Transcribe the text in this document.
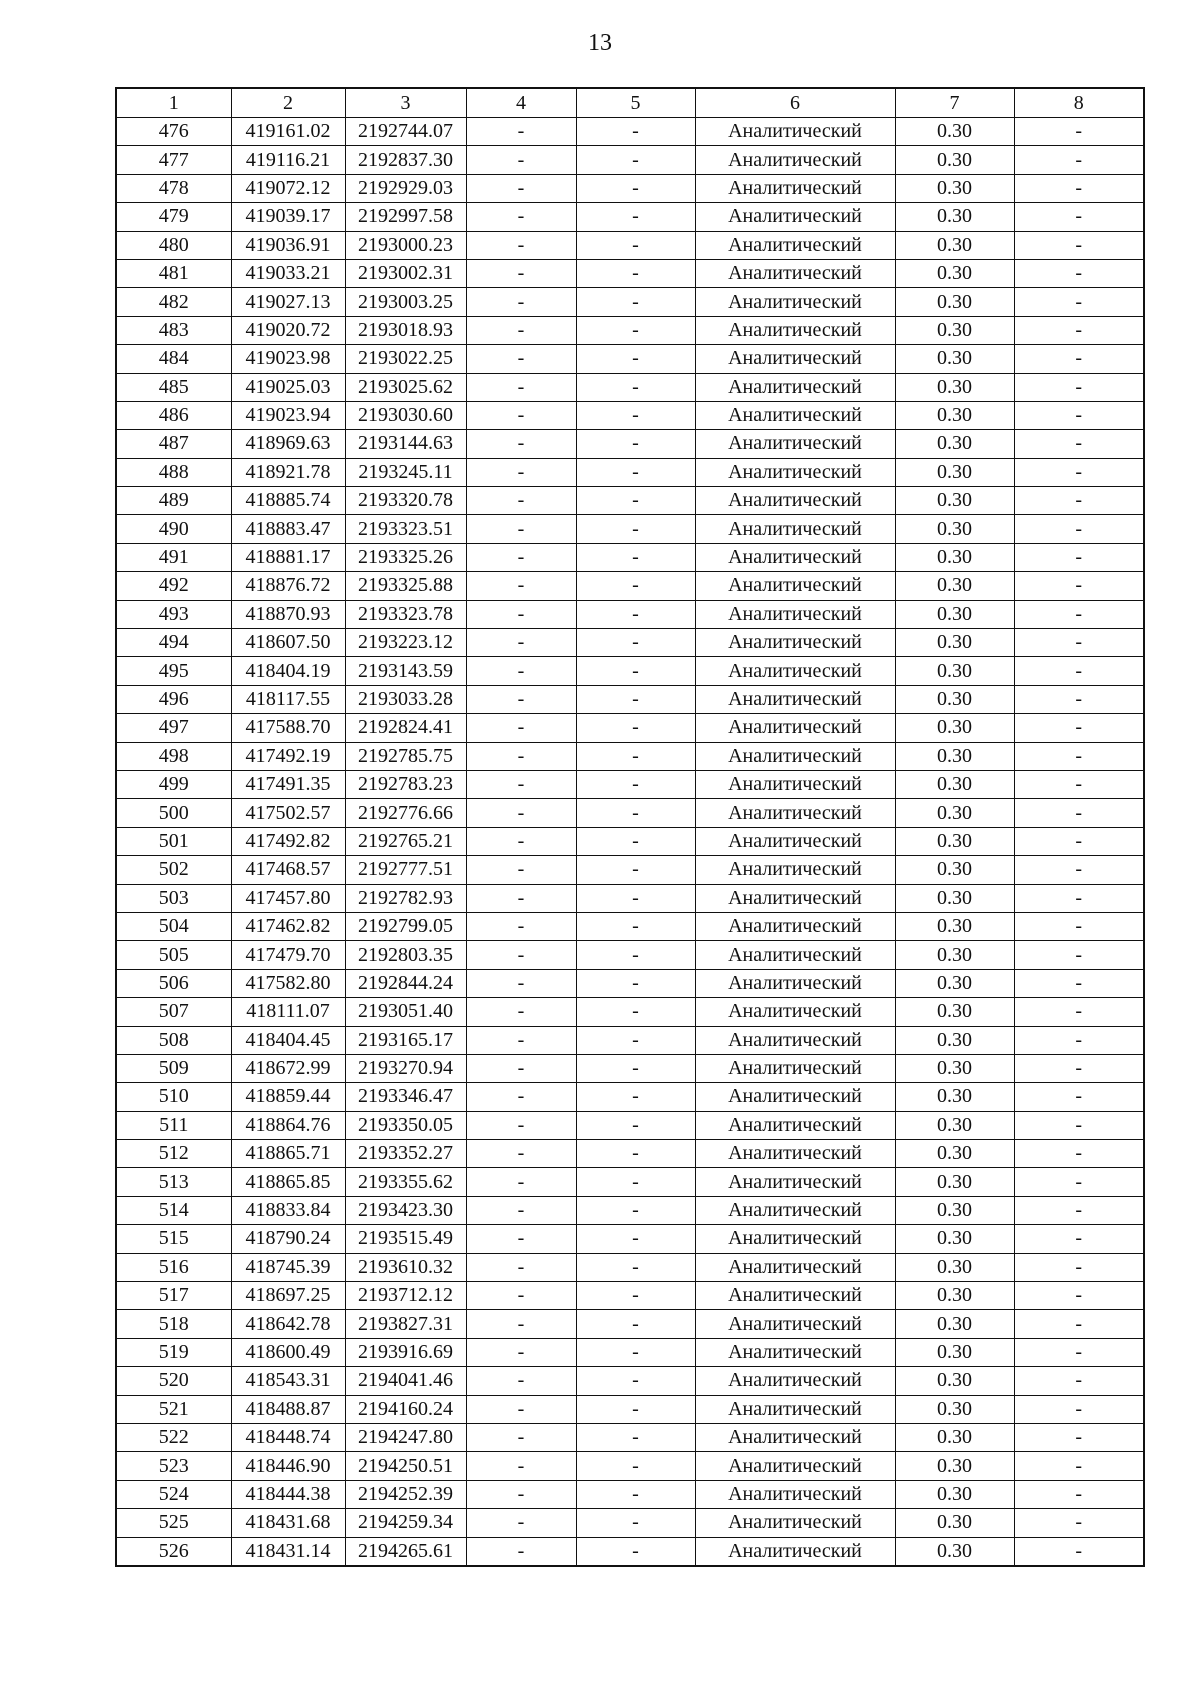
13
1	2	3	4	5	6	7	8
476	419161.02	2192744.07	-	-	Аналитический	0.30	-
477	419116.21	2192837.30	-	-	Аналитический	0.30	-
478	419072.12	2192929.03	-	-	Аналитический	0.30	-
479	419039.17	2192997.58	-	-	Аналитический	0.30	-
480	419036.91	2193000.23	-	-	Аналитический	0.30	-
481	419033.21	2193002.31	-	-	Аналитический	0.30	-
482	419027.13	2193003.25	-	-	Аналитический	0.30	-
483	419020.72	2193018.93	-	-	Аналитический	0.30	-
484	419023.98	2193022.25	-	-	Аналитический	0.30	-
485	419025.03	2193025.62	-	-	Аналитический	0.30	-
486	419023.94	2193030.60	-	-	Аналитический	0.30	-
487	418969.63	2193144.63	-	-	Аналитический	0.30	-
488	418921.78	2193245.11	-	-	Аналитический	0.30	-
489	418885.74	2193320.78	-	-	Аналитический	0.30	-
490	418883.47	2193323.51	-	-	Аналитический	0.30	-
491	418881.17	2193325.26	-	-	Аналитический	0.30	-
492	418876.72	2193325.88	-	-	Аналитический	0.30	-
493	418870.93	2193323.78	-	-	Аналитический	0.30	-
494	418607.50	2193223.12	-	-	Аналитический	0.30	-
495	418404.19	2193143.59	-	-	Аналитический	0.30	-
496	418117.55	2193033.28	-	-	Аналитический	0.30	-
497	417588.70	2192824.41	-	-	Аналитический	0.30	-
498	417492.19	2192785.75	-	-	Аналитический	0.30	-
499	417491.35	2192783.23	-	-	Аналитический	0.30	-
500	417502.57	2192776.66	-	-	Аналитический	0.30	-
501	417492.82	2192765.21	-	-	Аналитический	0.30	-
502	417468.57	2192777.51	-	-	Аналитический	0.30	-
503	417457.80	2192782.93	-	-	Аналитический	0.30	-
504	417462.82	2192799.05	-	-	Аналитический	0.30	-
505	417479.70	2192803.35	-	-	Аналитический	0.30	-
506	417582.80	2192844.24	-	-	Аналитический	0.30	-
507	418111.07	2193051.40	-	-	Аналитический	0.30	-
508	418404.45	2193165.17	-	-	Аналитический	0.30	-
509	418672.99	2193270.94	-	-	Аналитический	0.30	-
510	418859.44	2193346.47	-	-	Аналитический	0.30	-
511	418864.76	2193350.05	-	-	Аналитический	0.30	-
512	418865.71	2193352.27	-	-	Аналитический	0.30	-
513	418865.85	2193355.62	-	-	Аналитический	0.30	-
514	418833.84	2193423.30	-	-	Аналитический	0.30	-
515	418790.24	2193515.49	-	-	Аналитический	0.30	-
516	418745.39	2193610.32	-	-	Аналитический	0.30	-
517	418697.25	2193712.12	-	-	Аналитический	0.30	-
518	418642.78	2193827.31	-	-	Аналитический	0.30	-
519	418600.49	2193916.69	-	-	Аналитический	0.30	-
520	418543.31	2194041.46	-	-	Аналитический	0.30	-
521	418488.87	2194160.24	-	-	Аналитический	0.30	-
522	418448.74	2194247.80	-	-	Аналитический	0.30	-
523	418446.90	2194250.51	-	-	Аналитический	0.30	-
524	418444.38	2194252.39	-	-	Аналитический	0.30	-
525	418431.68	2194259.34	-	-	Аналитический	0.30	-
526	418431.14	2194265.61	-	-	Аналитический	0.30	-
